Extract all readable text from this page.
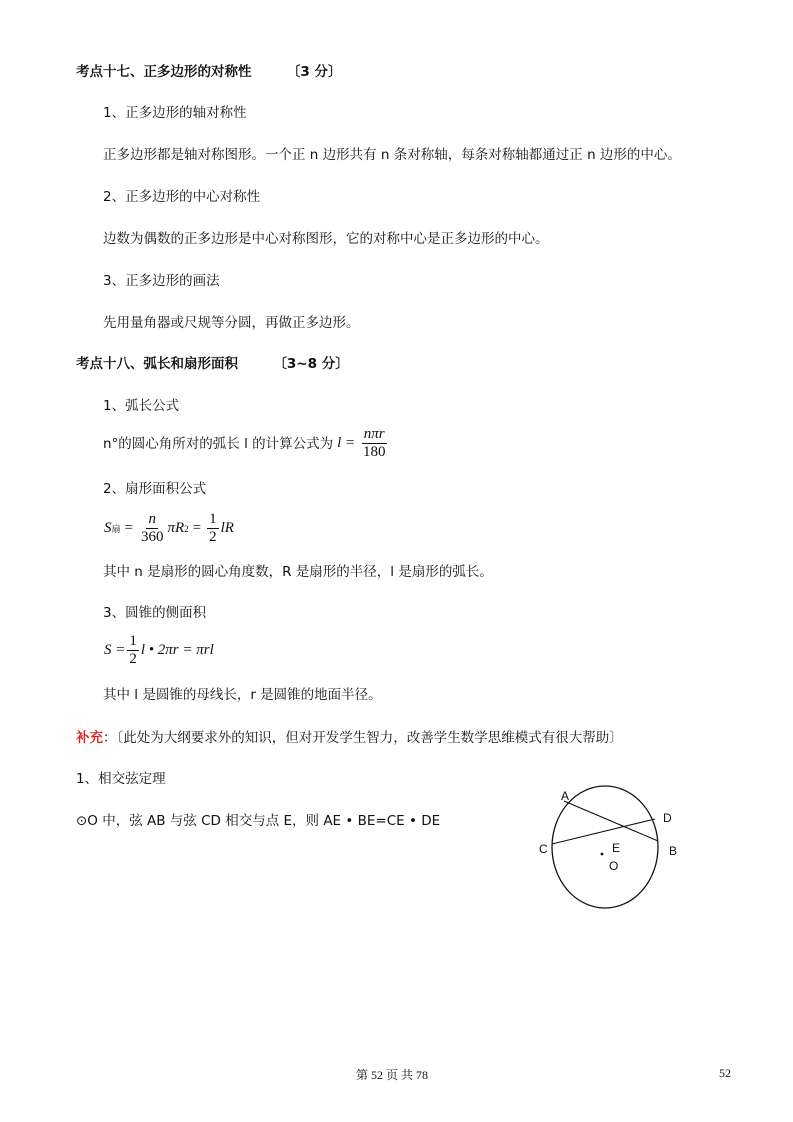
考点十七、正多边形的对称性	〔3 分〕
1、正多边形的轴对称性
正多边形都是轴对称图形。一个正 n 边形共有 n 条对称轴，每条对称轴都通过正 n 边形的中心。
2、正多边形的中心对称性
边数为偶数的正多边形是中心对称图形，它的对称中心是正多边形的中心。
3、正多边形的画法
先用量角器或尺规等分圆，再做正多边形。
考点十八、弧长和扇形面积	〔3~8 分〕
1、弧长公式
n°的圆心角所对的弧长 l 的计算公式为 $l = \frac{\text{nπr}}{180}$
2、扇形面积公式
S 扇 = $\frac{n}{360}$ πR $2 = \frac{1}{2}$ lR
其中 n 是扇形的圆心角度数，R 是扇形的半径，l 是扇形的弧长。
3、圆锥的侧面积
$S = \frac{1}{2}$ l • 2πr = πrl
其中 l 是圆锥的母线长，r 是圆锥的地面半径。
补充：〔此处为大纲要求外的知识，但对开发学生智力，改善学生数学思维模式有很大帮助〕
1、相交弦定理
⊙O 中，弦 AB 与弦 CD 相交与点 E，则 AE • BE=CE • DE
A
B
C
D
E
O
第 52 页 共 78	52
